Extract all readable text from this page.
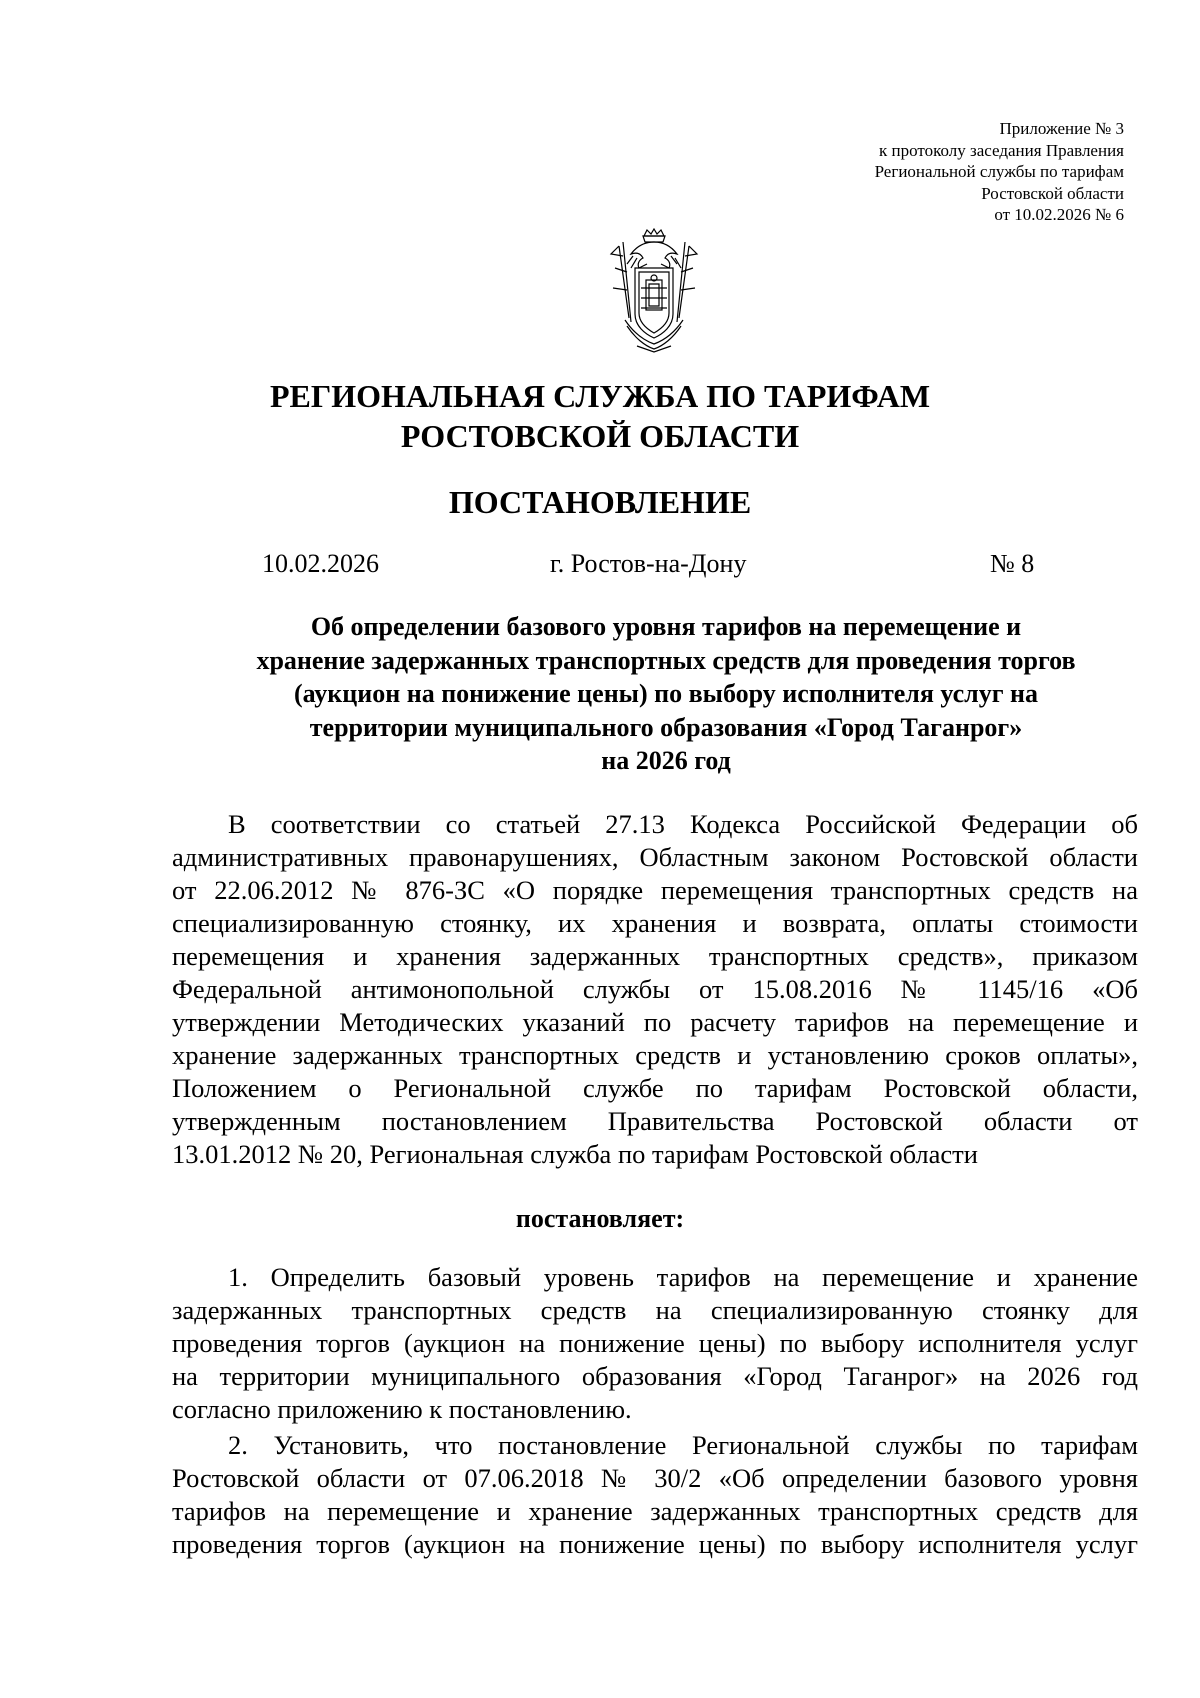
Приложение № 3
к протоколу заседания Правления
Региональной службы по тарифам
Ростовской области
от 10.02.2026 № 6
РЕГИОНАЛЬНАЯ СЛУЖБА ПО ТАРИФАМ
РОСТОВСКОЙ ОБЛАСТИ
ПОСТАНОВЛЕНИЕ
10.02.2026	г. Ростов-на-Дону	№ 8
Об определении базового уровня тарифов на перемещение и
хранение задержанных транспортных средств для проведения торгов
(аукцион на понижение цены) по выбору исполнителя услуг на
территории муниципального образования «Город Таганрог»
на 2026 год
В соответствии со статьей 27.13 Кодекса Российской Федерации об
административных правонарушениях, Областным законом Ростовской области
от 22.06.2012 № 876-ЗС «О порядке перемещения транспортных средств на
специализированную стоянку, их хранения и возврата, оплаты стоимости
перемещения и хранения задержанных транспортных средств», приказом
Федеральной антимонопольной службы от 15.08.2016 № 1145/16 «Об
утверждении Методических указаний по расчету тарифов на перемещение и
хранение задержанных транспортных средств и установлению сроков оплаты»,
Положением о Региональной службе по тарифам Ростовской области,
утвержденным постановлением Правительства Ростовской области от
13.01.2012 № 20, Региональная служба по тарифам Ростовской области
постановляет:
1. Определить базовый уровень тарифов на перемещение и хранение
задержанных транспортных средств на специализированную стоянку для
проведения торгов (аукцион на понижение цены) по выбору исполнителя услуг
на территории муниципального образования «Город Таганрог» на 2026 год
согласно приложению к постановлению.
2. Установить, что постановление Региональной службы по тарифам
Ростовской области от 07.06.2018 № 30/2 «Об определении базового уровня
тарифов на перемещение и хранение задержанных транспортных средств для
проведения торгов (аукцион на понижение цены) по выбору исполнителя услуг
